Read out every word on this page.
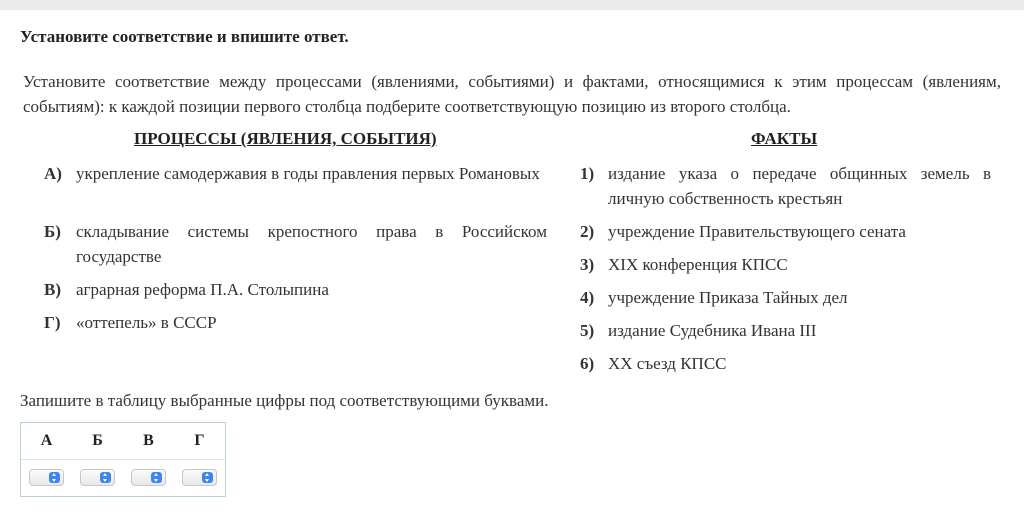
Установите соответствие и впишите ответ.

Установите соответствие между процессами (явлениями, событиями) и фактами, относящимися к этим процессам (явлениям, событиям): к каждой позиции первого столбца подберите соответствующую позицию из второго столбца.

ПРОЦЕССЫ (ЯВЛЕНИЯ, СОБЫТИЯ)	ФАКТЫ
А) укрепление самодержавия в годы правления первых Романовых
Б) складывание системы крепостного права в Российском государстве
В) аграрная реформа П.А. Столыпина
Г) «оттепель» в СССР
1) издание указа о передаче общинных земель в личную собственность крестьян
2) учреждение Правительствующего сената
3) XIX конференция КПСС
4) учреждение Приказа Тайных дел
5) издание Судебника Ивана III
6) XX съезд КПСС

Запишите в таблицу выбранные цифры под соответствующими буквами.

А	Б	В	Г
